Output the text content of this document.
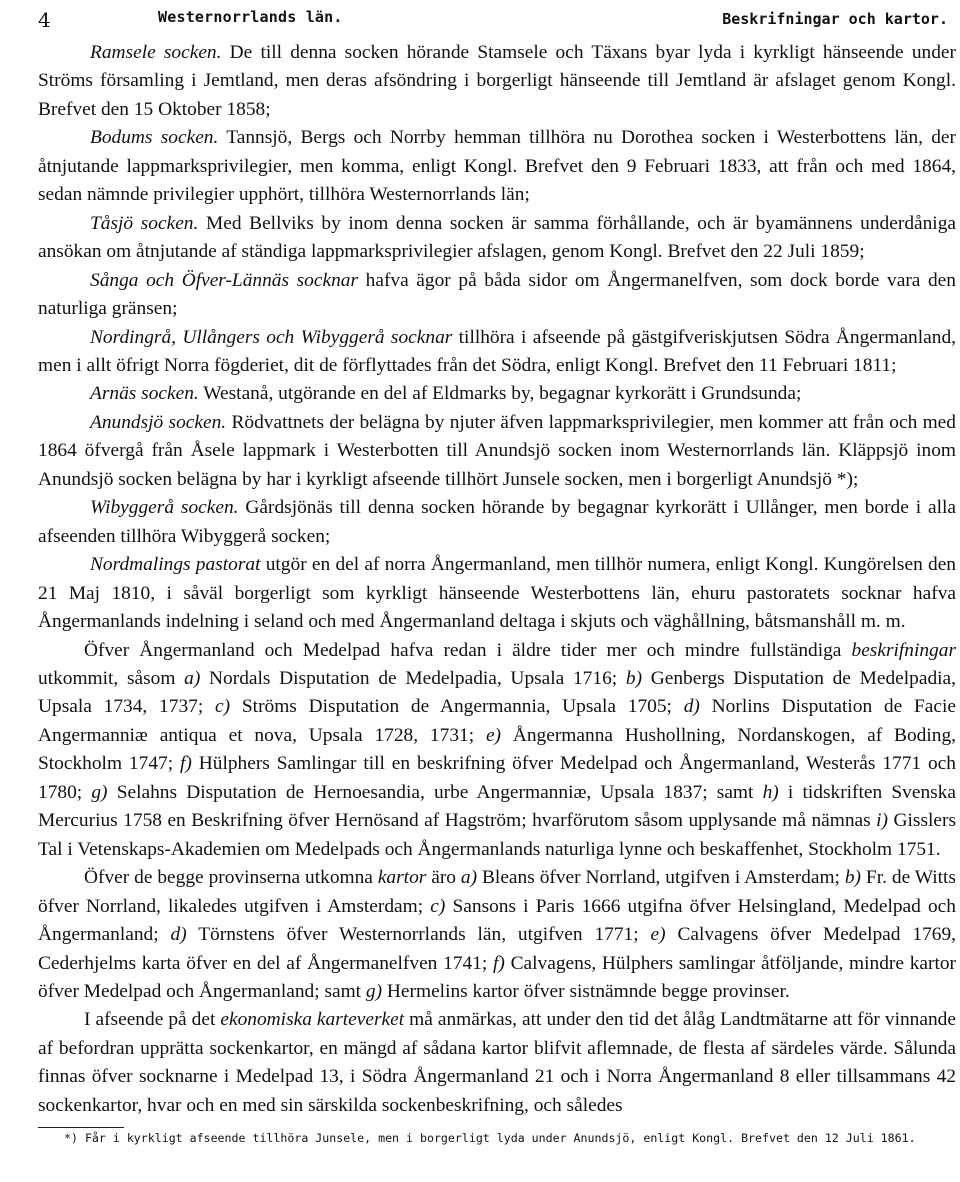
4	Westernorrlands län.	Beskrifningar och kartor.

Ramsele socken. De till denna socken hörande Stamsele och Täxans byar lyda i kyrkligt hänseende under Ströms församling i Jemtland, men deras afsöndring i borgerligt hänseende till Jemtland är afslaget genom Kongl. Brefvet den 15 Oktober 1858;

Bodums socken. Tannsjö, Bergs och Norrby hemman tillhöra nu Dorothea socken i Westerbottens län, der åtnjutande lappmarksprivilegier, men komma, enligt Kongl. Brefvet den 9 Februari 1833, att från och med 1864, sedan nämnde privilegier upphört, tillhöra Westernorrlands län;

Tåsjö socken. Med Bellviks by inom denna socken är samma förhållande, och är byamännens underdåniga ansökan om åtnjutande af ständiga lappmarksprivilegier afslagen, genom Kongl. Brefvet den 22 Juli 1859;

Sånga och Öfver-Lännäs socknar hafva ägor på båda sidor om Ångermanelfven, som dock borde vara den naturliga gränsen;

Nordingrå, Ullångers och Wibyggerå socknar tillhöra i afseende på gästgifveriskjutsen Södra Ångermanland, men i allt öfrigt Norra fögderiet, dit de förflyttades från det Södra, enligt Kongl. Brefvet den 11 Februari 1811;

Arnäs socken. Westanå, utgörande en del af Eldmarks by, begagnar kyrkorätt i Grundsunda;

Anundsjö socken. Rödvattnets der belägna by njuter äfven lappmarksprivilegier, men kommer att från och med 1864 öfvergå från Åsele lappmark i Westerbotten till Anundsjö socken inom Westernorrlands län. Kläppsjö inom Anundsjö socken belägna by har i kyrkligt afseende tillhört Junsele socken, men i borgerligt Anundsjö *);

Wibyggerå socken. Gårdsjönäs till denna socken hörande by begagnar kyrkorätt i Ullånger, men borde i alla afseenden tillhöra Wibyggerå socken;

Nordmalings pastorat utgör en del af norra Ångermanland, men tillhör numera, enligt Kongl. Kungörelsen den 21 Maj 1810, i såväl borgerligt som kyrkligt hänseende Westerbottens län, ehuru pastoratets socknar hafva Ångermanlands indelning i seland och med Ångermanland deltaga i skjuts och väghållning, båtsmanshåll m. m.

Öfver Ångermanland och Medelpad hafva redan i äldre tider mer och mindre fullständiga beskrifningar utkommit, såsom a) Nordals Disputation de Medelpadia, Upsala 1716; b) Genbergs Disputation de Medelpadia, Upsala 1734, 1737; c) Ströms Disputation de Angermannia, Upsala 1705; d) Norlins Disputation de Facie Angermanniæ antiqua et nova, Upsala 1728, 1731; e) Ångermanna Hushollning, Nordanskogen, af Boding, Stockholm 1747; f) Hülphers Samlingar till en beskrifning öfver Medelpad och Ångermanland, Westerås 1771 och 1780; g) Selahns Disputation de Hernoesandia, urbe Angermanniæ, Upsala 1837; samt h) i tidskriften Svenska Mercurius 1758 en Beskrifning öfver Hernösand af Hagström; hvarförutom såsom upplysande må nämnas i) Gisslers Tal i Vetenskaps-Akademien om Medelpads och Ångermanlands naturliga lynne och beskaffenhet, Stockholm 1751.

Öfver de begge provinserna utkomna kartor äro a) Bleans öfver Norrland, utgifven i Amsterdam; b) Fr. de Witts öfver Norrland, likaledes utgifven i Amsterdam; c) Sansons i Paris 1666 utgifna öfver Helsingland, Medelpad och Ångermanland; d) Törnstens öfver Westernorrlands län, utgifven 1771; e) Calvagens öfver Medelpad 1769, Cederhjelms karta öfver en del af Ångermanelfven 1741; f) Calvagens, Hülphers samlingar åtföljande, mindre kartor öfver Medelpad och Ångermanland; samt g) Hermelins kartor öfver sistnämnde begge provinser.

I afseende på det ekonomiska karteverket må anmärkas, att under den tid det ålåg Landtmätarne att för vinnande af befordran upprätta sockenkartor, en mängd af sådana kartor blifvit aflemnade, de flesta af särdeles värde. Sålunda finnas öfver socknarne i Medelpad 13, i Södra Ångermanland 21 och i Norra Ångermanland 8 eller tillsammans 42 sockenkartor, hvar och en med sin särskilda sockenbeskrifning, och således

*) Får i kyrkligt afseende tillhöra Junsele, men i borgerligt lyda under Anundsjö, enligt Kongl. Brefvet den 12 Juli 1861.
